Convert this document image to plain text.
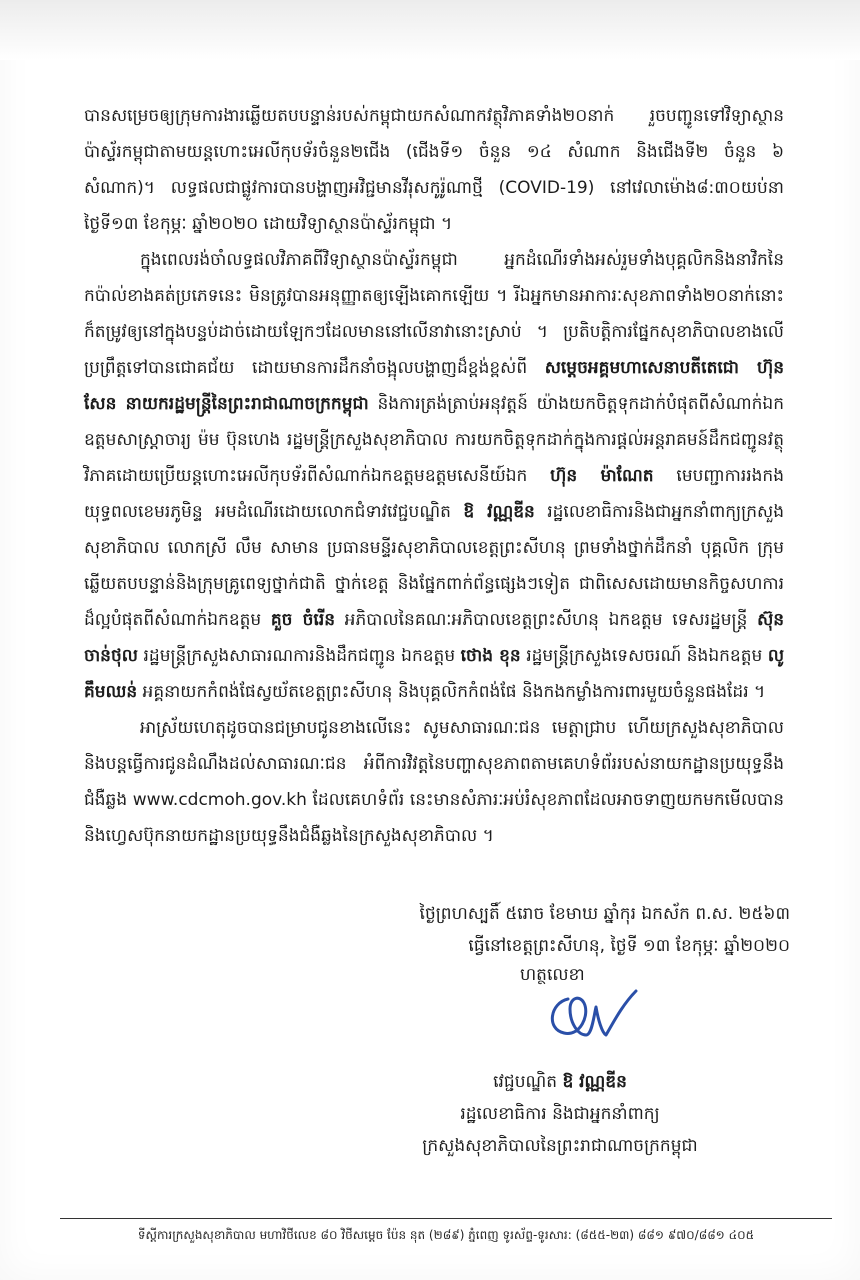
បានសម្រេចឲ្យក្រុមការងារឆ្លើយតបបន្ទាន់របស់កម្ពុជាយកសំណាកវត្ថុវិភាគទាំង២០នាក់ រួចបញ្ជូនទៅវិទ្យាស្ថានប៉ាស្ទ័រកម្ពុជាតាមយន្តហោះអេលីកុបទ័រចំនួន២ជើង (ជើងទី១ ចំនួន ១៤ សំណាក និងជើងទី២ ចំនួន ៦ សំណាក)។ លទ្ធផលជាផ្លូវការបានបង្ហាញអវិជ្ជមានវីរុសកូរ៉ូណាថ្មី (COVID-19) នៅវេលាម៉ោង៨:៣០យប់នាថ្ងៃទី១៣ ខែកុម្ភៈ ឆ្នាំ២០២០ ដោយវិទ្យាស្ថានប៉ាស្ទ័រកម្ពុជា ។

ក្នុងពេលរង់ចាំលទ្ធផលវិភាគពីវិទ្យាស្ថានប៉ាស្ទ័រកម្ពុជា អ្នកដំណើរទាំងអស់រួមទាំងបុគ្គលិកនិងនាវិកនៃកប៉ាល់ខាងគត់ប្រភេទនេះ មិនត្រូវបានអនុញ្ញាតឲ្យឡើងគោកឡើយ ។ រីឯអ្នកមានអាការៈសុខភាពទាំង២០នាក់នោះ ក៏តម្រូវឲ្យនៅក្នុងបន្ទប់ដាច់ដោយឡែកៗដែលមាននៅលើនាវានោះស្រាប់ ។ ប្រតិបត្តិការផ្នែកសុខាភិបាលខាងលើប្រព្រឹត្តទៅបានជោគជ័យ ដោយមានការដឹកនាំចង្អុលបង្ហាញដ៏ខ្ពង់ខ្ពស់ពី សម្តេចអគ្គមហាសេនាបតីតេជោ ហ៊ុន សែន នាយករដ្ឋមន្ត្រីនៃព្រះរាជាណាចក្រកម្ពុជា និងការត្រង់ត្រាប់អនុវត្តន៍ យ៉ាងយកចិត្តទុកដាក់បំផុតពីសំណាក់ឯកឧត្តមសាស្ត្រាចារ្យ ម៉ម ប៊ុនហេង រដ្ឋមន្ត្រីក្រសួងសុខាភិបាល ការយកចិត្តទុកដាក់ក្នុងការផ្តល់អន្តរាគមន៍ដឹកជញ្ជូនវត្ថុវិភាគដោយប្រើយន្តហោះអេលីកុបទ័រពីសំណាក់ឯកឧត្តមឧត្តមសេនីយ៍ឯក ហ៊ុន ម៉ាណែត មេបញ្ជាការរងកងយុទ្ធពលខេមរភូមិន្ទ អមដំណើរដោយលោកជំទាវវេជ្ជបណ្ឌិត ឱ វណ្ណឌីន រដ្ឋលេខាធិការនិងជាអ្នកនាំពាក្យក្រសួងសុខាភិបាល លោកស្រី លឹម សាមាន ប្រធានមន្ទីរសុខាភិបាលខេត្តព្រះសីហនុ ព្រមទាំងថ្នាក់ដឹកនាំ បុគ្គលិក ក្រុមឆ្លើយតបបន្ទាន់និងក្រុមគ្រូពេទ្យថ្នាក់ជាតិ ថ្នាក់ខេត្ត និងផ្នែកពាក់ព័ន្ធផ្សេងៗទៀត ជាពិសេសដោយមានកិច្ចសហការដ៏ល្អបំផុតពីសំណាក់ឯកឧត្តម គួច ចំរើន អភិបាលនៃគណៈអភិបាលខេត្តព្រះសីហនុ ឯកឧត្តម ទេសរដ្ឋមន្ត្រី ស៊ុន ចាន់ថុល រដ្ឋមន្ត្រីក្រសួងសាធារណការនិងដឹកជញ្ជូន ឯកឧត្តម ថោង ខុន រដ្ឋមន្ត្រីក្រសួងទេសចរណ៍ និងឯកឧត្តម លូ គឹមឈន់ អគ្គនាយកកំពង់ផែស្វយ័តខេត្តព្រះសីហនុ និងបុគ្គលិកកំពង់ផែ និងកងកម្លាំងការពារមួយចំនួនផងដែរ ។

អាស្រ័យហេតុដូចបានជម្រាបជូនខាងលើនេះ សូមសាធារណៈជន មេត្តាជ្រាប ហើយក្រសួងសុខាភិបាល និងបន្តធ្វើការជូនដំណឹងដល់សាធារណៈជន អំពីការវិវត្តនៃបញ្ហាសុខភាពតាមគេហទំព័ររបស់នាយកដ្ឋានប្រយុទ្ធនឹងជំងឺឆ្លង www.cdcmoh.gov.kh ដែលគេហទំព័រ នេះមានសំភារៈអប់រំសុខភាពដែលអាចទាញយកមកមើលបាននិងហ្វេសប៊ុកនាយកដ្ឋានប្រយុទ្ធនឹងជំងឺឆ្លងនៃក្រសួងសុខាភិបាល ។

ថ្ងៃព្រហស្បតិ៍ ៥រោច ខែមាឃ ឆ្នាំកុរ ឯកស័ក ព.ស. ២៥៦៣
ធ្វើនៅខេត្តព្រះសីហនុ, ថ្ងៃទី ១៣ ខែកុម្ភៈ ឆ្នាំ២០២០
ហត្ថលេខា
វេជ្ជបណ្ឌិត ឱ វណ្ណឌីន
រដ្ឋលេខាធិការ និងជាអ្នកនាំពាក្យ
ក្រសួងសុខាភិបាលនៃព្រះរាជាណាចក្រកម្ពុជា
ទីស្តីការក្រសួងសុខាភិបាល មហាវិថីលេខ ៨០ វិថីសម្តេច ប៉ែន នុត (២៨៩) ភ្នំពេញ ទូរស័ព្ទ-ទូរសារ: (៨៥៥-២៣) ៨៨១ ៩៧០/៨៨១ ៤០៥
